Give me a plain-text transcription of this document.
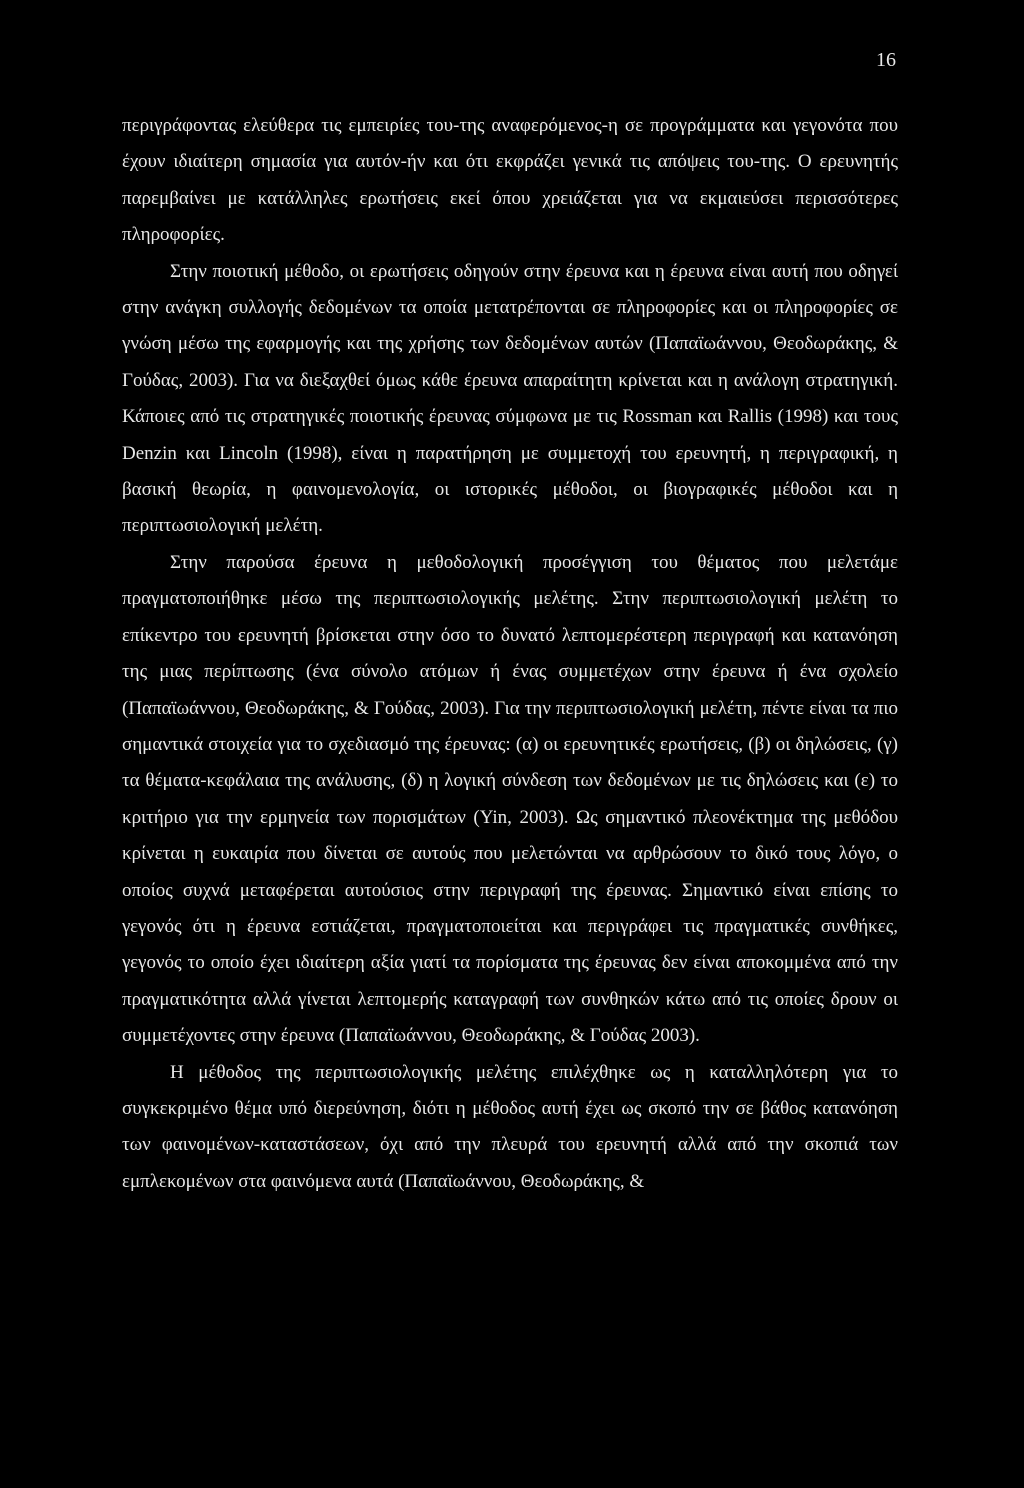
16

περιγράφοντας ελεύθερα τις εμπειρίες του-της αναφερόμενος-η σε προγράμματα και γεγονότα που έχουν ιδιαίτερη σημασία για αυτόν-ήν και ότι εκφράζει γενικά τις απόψεις του-της. Ο ερευνητής παρεμβαίνει με κατάλληλες ερωτήσεις εκεί όπου χρειάζεται για να εκμαιεύσει περισσότερες πληροφορίες.

Στην ποιοτική μέθοδο, οι ερωτήσεις οδηγούν στην έρευνα και η έρευνα είναι αυτή που οδηγεί στην ανάγκη συλλογής δεδομένων τα οποία μετατρέπονται σε πληροφορίες και οι πληροφορίες σε γνώση μέσω της εφαρμογής και της χρήσης των δεδομένων αυτών (Παπαϊωάννου, Θεοδωράκης, & Γούδας, 2003). Για να διεξαχθεί όμως κάθε έρευνα απαραίτητη κρίνεται και η ανάλογη στρατηγική. Κάποιες από τις στρατηγικές ποιοτικής έρευνας σύμφωνα με τις Rossman και Rallis (1998) και τους Denzin και Lincoln (1998), είναι η παρατήρηση με συμμετοχή του ερευνητή, η περιγραφική, η βασική θεωρία, η φαινομενολογία, οι ιστορικές μέθοδοι, οι βιογραφικές μέθοδοι και η περιπτωσιολογική μελέτη.

Στην παρούσα έρευνα η μεθοδολογική προσέγγιση του θέματος που μελετάμε πραγματοποιήθηκε μέσω της περιπτωσιολογικής μελέτης. Στην περιπτωσιολογική μελέτη το επίκεντρο του ερευνητή βρίσκεται στην όσο το δυνατό λεπτομερέστερη περιγραφή και κατανόηση της μιας περίπτωσης (ένα σύνολο ατόμων ή ένας συμμετέχων στην έρευνα ή ένα σχολείο (Παπαϊωάννου, Θεοδωράκης, & Γούδας, 2003). Για την περιπτωσιολογική μελέτη, πέντε είναι τα πιο σημαντικά στοιχεία για το σχεδιασμό της έρευνας: (α) οι ερευνητικές ερωτήσεις, (β) οι δηλώσεις, (γ) τα θέματα-κεφάλαια της ανάλυσης, (δ) η λογική σύνδεση των δεδομένων με τις δηλώσεις και (ε) το κριτήριο για την ερμηνεία των πορισμάτων (Yin, 2003). Ως σημαντικό πλεονέκτημα της μεθόδου κρίνεται η ευκαιρία που δίνεται σε αυτούς που μελετώνται να αρθρώσουν το δικό τους λόγο, ο οποίος συχνά μεταφέρεται αυτούσιος στην περιγραφή της έρευνας. Σημαντικό είναι επίσης το γεγονός ότι η έρευνα εστιάζεται, πραγματοποιείται και περιγράφει τις πραγματικές συνθήκες, γεγονός το οποίο έχει ιδιαίτερη αξία γιατί τα πορίσματα της έρευνας δεν είναι αποκομμένα από την πραγματικότητα αλλά γίνεται λεπτομερής καταγραφή των συνθηκών κάτω από τις οποίες δρουν οι συμμετέχοντες στην έρευνα (Παπαϊωάννου, Θεοδωράκης, & Γούδας 2003).

Η μέθοδος της περιπτωσιολογικής μελέτης επιλέχθηκε ως η καταλληλότερη για το συγκεκριμένο θέμα υπό διερεύνηση, διότι η μέθοδος αυτή έχει ως σκοπό την σε βάθος κατανόηση των φαινομένων-καταστάσεων, όχι από την πλευρά του ερευνητή αλλά από την σκοπιά των εμπλεκομένων στα φαινόμενα αυτά (Παπαϊωάννου, Θεοδωράκης, &
